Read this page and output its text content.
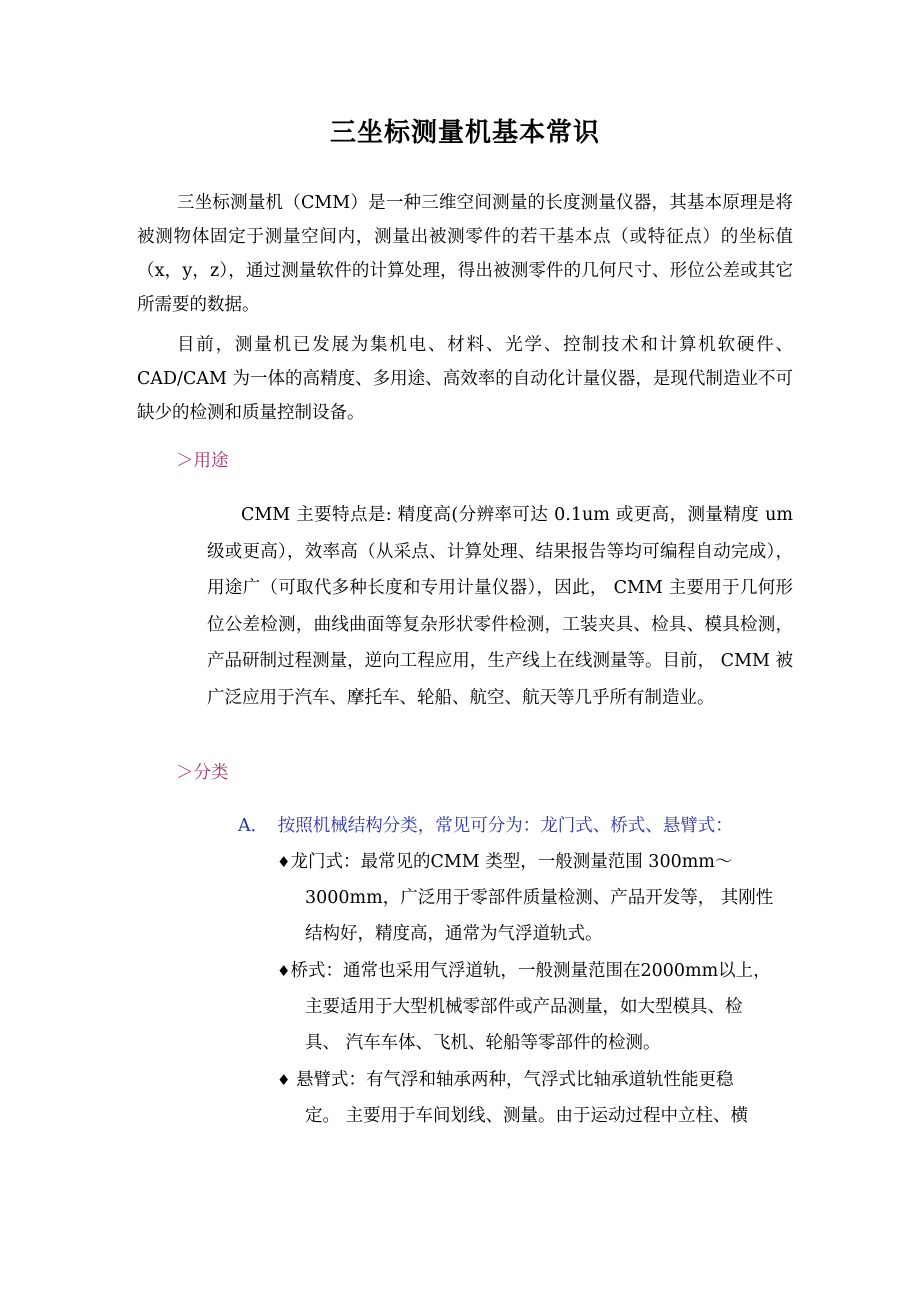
三坐标测量机基本常识

三坐标测量机（CMM）是一种三维空间测量的长度测量仪器，其基本原理是将被测物体固定于测量空间内，测量出被测零件的若干基本点（或特征点）的坐标值（x，y，z），通过测量软件的计算处理，得出被测零件的几何尺寸、形位公差或其它所需要的数据。

目前，测量机已发展为集机电、材料、光学、控制技术和计算机软硬件、CAD/CAM 为一体的高精度、多用途、高效率的自动化计量仪器，是现代制造业不可缺少的检测和质量控制设备。

＞用途

CMM 主要特点是: 精度高(分辨率可达 0.1um 或更高，测量精度 um 级或更高），效率高（从采点、计算处理、结果报告等均可编程自动完成），用途广（可取代多种长度和专用计量仪器），因此， CMM 主要用于几何形位公差检测，曲线曲面等复杂形状零件检测，工装夹具、检具、模具检测，产品研制过程测量，逆向工程应用，生产线上在线测量等。目前， CMM 被广泛应用于汽车、摩托车、轮船、航空、航天等几乎所有制造业。

＞分类
A． 按照机械结构分类，常见可分为：龙门式、桥式、悬臂式：
♦龙门式：最常见的CMM 类型，一般测量范围 300mm〜
3000mm，广泛用于零部件质量检测、产品开发等， 其刚性
结构好，精度高，通常为气浮道轨式。
♦桥式：通常也采用气浮道轨，一般测量范围在2000mm以上，
主要适用于大型机械零部件或产品测量，如大型模具、检
具、 汽车车体、飞机、轮船等零部件的检测。
♦ 悬臂式：有气浮和轴承两种，气浮式比轴承道轨性能更稳
定。 主要用于车间划线、测量。由于运动过程中立柱、横
